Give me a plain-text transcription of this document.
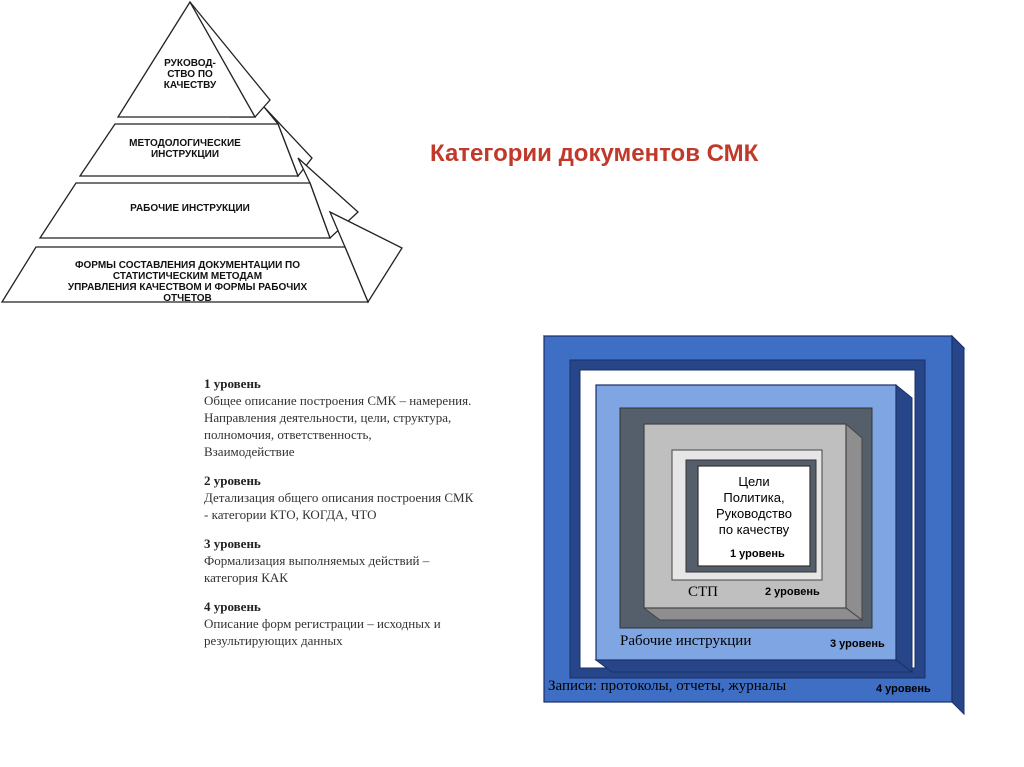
Категории документов СМК
РУКОВОД-
СТВО ПО
КАЧЕСТВУ
МЕТОДОЛОГИЧЕСКИЕ
ИНСТРУКЦИИ
РАБОЧИЕ ИНСТРУКЦИИ
ФОРМЫ СОСТАВЛЕНИЯ ДОКУМЕНТАЦИИ ПО
СТАТИСТИЧЕСКИМ МЕТОДАМ
УПРАВЛЕНИЯ КАЧЕСТВОМ И ФОРМЫ РАБОЧИХ
ОТЧЕТОВ
1 уровень
Общее описание построения СМК – намерения.
Направления деятельности, цели, структура,
полномочия, ответственность,
Взаимодействие
2 уровень
Детализация общего описания построения СМК
- категории КТО, КОГДА, ЧТО
3 уровень
Формализация выполняемых действий –
категория КАК
4 уровень
Описание форм регистрации – исходных и
результирующих данных
Цели
Политика,
Руководство
по качеству
1 уровень
СТП	2 уровень
Рабочие инструкции	3 уровень
Записи: протоколы, отчеты, журналы	4 уровень
